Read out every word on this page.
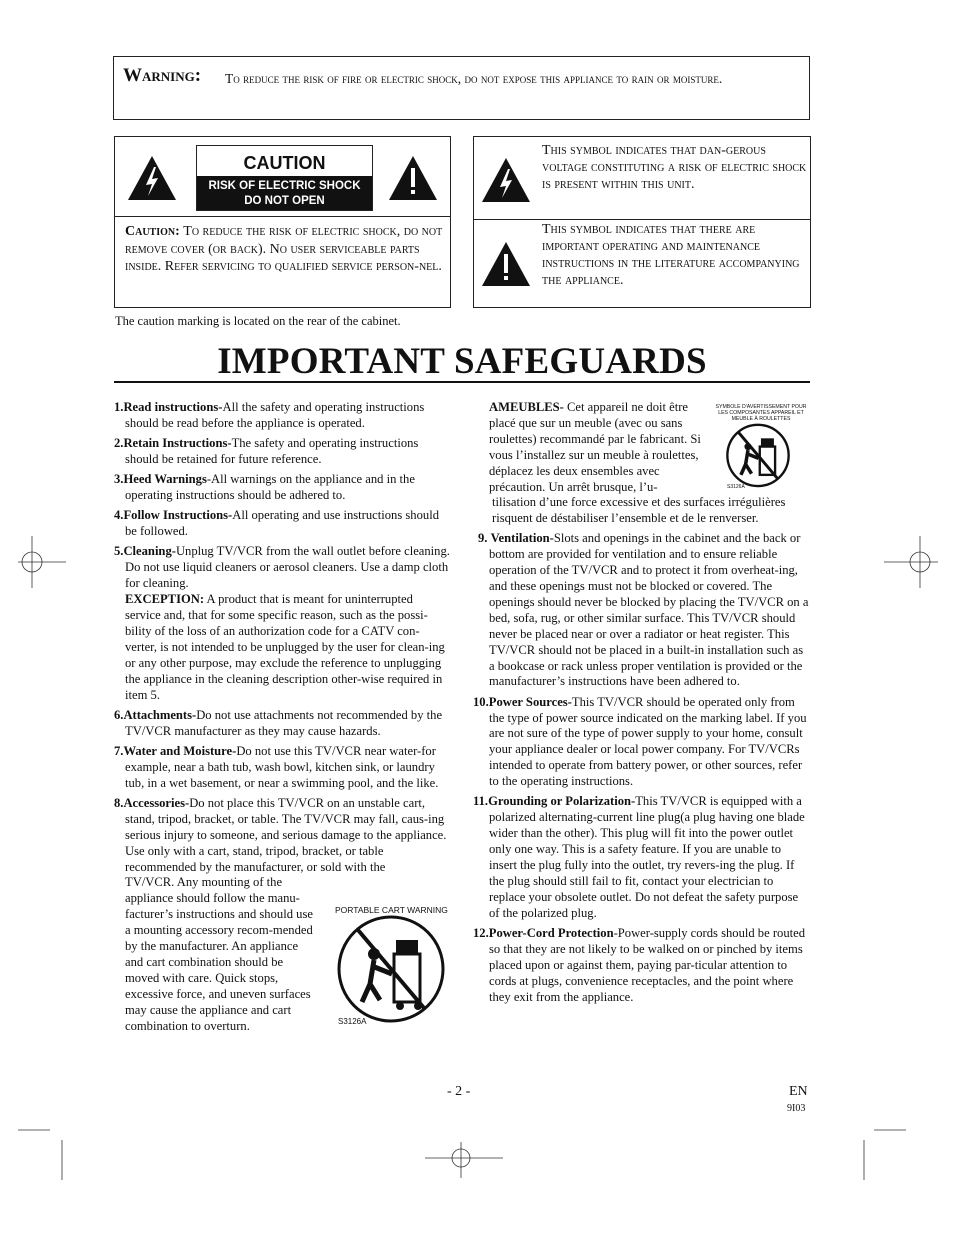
Warning: To reduce the risk of fire or electric shock, do not expose this appliance to rain or moisture.
CAUTION
RISK OF ELECTRIC SHOCK
DO NOT OPEN
Caution: To reduce the risk of electric shock, do not remove cover (or back). No user serviceable parts inside. Refer servicing to qualified service person-nel.
This symbol indicates that dan-gerous voltage constituting a risk of electric shock is present within this unit.
This symbol indicates that there are important operating and maintenance instructions in the literature accompanying the appliance.
The caution marking is located on the rear of the cabinet.
IMPORTANT SAFEGUARDS

1.Read instructions-All the safety and operating instructions should be read before the appliance is operated.

2.Retain Instructions-The safety and operating instructions should be retained for future reference.

3.Heed Warnings-All warnings on the appliance and in the operating instructions should be adhered to.

4.Follow Instructions-All operating and use instructions should be followed.

5.Cleaning-Unplug TV/VCR from the wall outlet before cleaning. Do not use liquid cleaners or aerosol cleaners. Use a damp cloth for cleaning.

EXCEPTION: A product that is meant for uninterrupted service and, that for some specific reason, such as the possi-bility of the loss of an authorization code for a CATV con-verter, is not intended to be unplugged by the user for clean-ing or any other purpose, may exclude the reference to unplugging the appliance in the cleaning description other-wise required in item 5.

6.Attachments-Do not use attachments not recommended by the TV/VCR manufacturer as they may cause hazards.

7.Water and Moisture-Do not use this TV/VCR near water-for example, near a bath tub, wash bowl, kitchen sink, or laundry tub, in a wet basement, or near a swimming pool, and the like.

8.Accessories-Do not place this TV/VCR on an unstable cart, stand, tripod, bracket, or table. The TV/VCR may fall, caus-ing serious injury to someone, and serious damage to the appliance. Use only with a cart, stand, tripod, bracket, or table recommended by the manufacturer, or sold with the

TV/VCR. Any mounting of the appliance should follow the manu-facturer’s instructions and should use a mounting accessory recom-mended by the manufacturer. An appliance and cart combination should be moved with care. Quick stops, excessive force, and uneven surfaces may cause the appliance and cart combination to overturn.
PORTABLE CART WARNING
S3126A
AMEUBLES- Cet appareil ne doit être placé que sur un meuble (avec ou sans roulettes) recommandé par le fabricant. Si vous l’installez sur un meuble à roulettes, déplacez les deux ensembles avec précaution. Un arrêt brusque, l’u-
tilisation d’une force excessive et des surfaces irrégulières risquent de déstabiliser l’ensemble et de le renverser.

9. Ventilation-Slots and openings in the cabinet and the back or bottom are provided for ventilation and to ensure reliable operation of the TV/VCR and to protect it from overheat-ing, and these openings must not be blocked or covered. The openings should never be blocked by placing the TV/VCR on a bed, sofa, rug, or other similar surface. This TV/VCR should never be placed near or over a radiator or heat register. This TV/VCR should not be placed in a built-in installation such as a bookcase or rack unless proper ventilation is provided or the manufacturer’s instructions have been adhered to.

10.Power Sources-This TV/VCR should be operated only from the type of power source indicated on the marking label. If you are not sure of the type of power supply to your home, consult your appliance dealer or local power company. For TV/VCRs intended to operate from battery power, or other sources, refer to the operating instructions.

11.Grounding or Polarization-This TV/VCR is equipped with a polarized alternating-current line plug(a plug having one blade wider than the other). This plug will fit into the power outlet only one way. This is a safety feature. If you are unable to insert the plug fully into the outlet, try revers-ing the plug. If the plug should still fail to fit, contact your electrician to replace your obsolete outlet. Do not defeat the safety purpose of the polarized plug.

12.Power-Cord Protection-Power-supply cords should be routed so that they are not likely to be walked on or pinched by items placed upon or against them, paying par-ticular attention to cords at plugs, convenience receptacles, and the point where they exit from the appliance.

SYMBOLE D'AVERTISSEMENT POUR LES COMPOSANTES APPAREIL ET MEUBLE À ROULETTES
S3126A
- 2 -	EN
9I03
